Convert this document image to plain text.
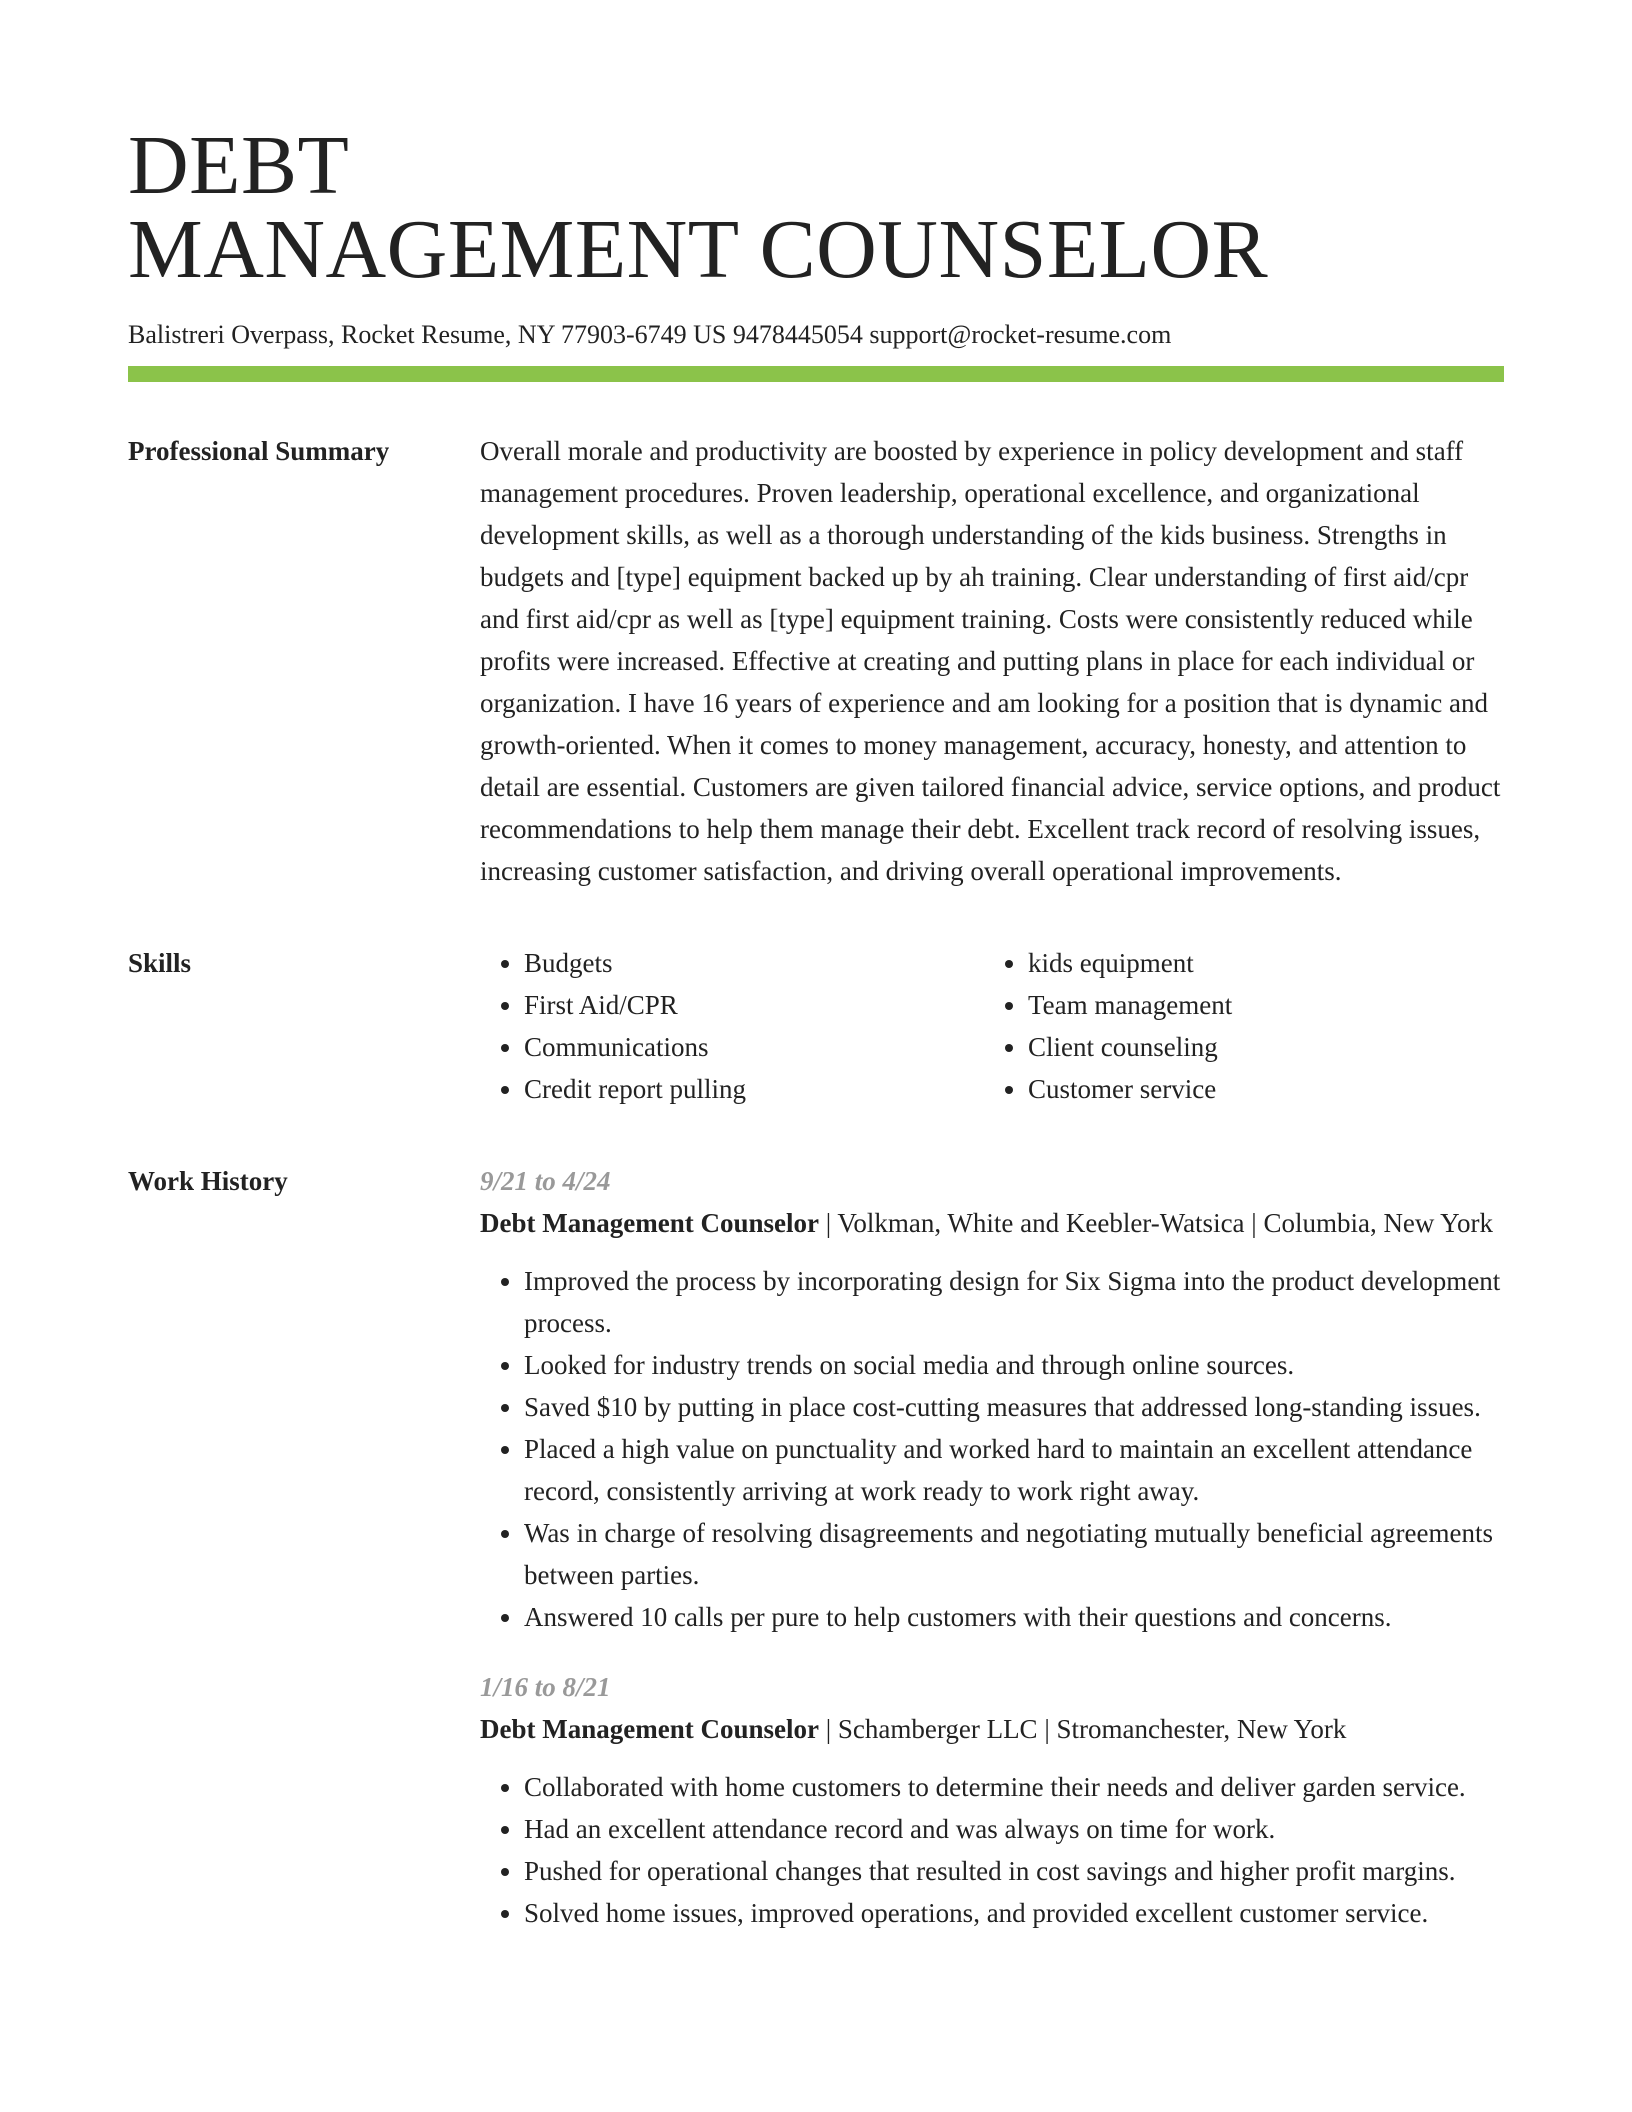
DEBT
MANAGEMENT COUNSELOR
Balistreri Overpass, Rocket Resume, NY 77903-6749 US 9478445054 support@rocket-resume.com
Professional Summary	Overall morale and productivity are boosted by experience in policy development and staff management procedures. Proven leadership, operational excellence, and organizational development skills, as well as a thorough understanding of the kids business. Strengths in budgets and [type] equipment backed up by ah training. Clear understanding of first aid/cpr and first aid/cpr as well as [type] equipment training. Costs were consistently reduced while profits were increased. Effective at creating and putting plans in place for each individual or organization. I have 16 years of experience and am looking for a position that is dynamic and growth-oriented. When it comes to money management, accuracy, honesty, and attention to detail are essential. Customers are given tailored financial advice, service options, and product recommendations to help them manage their debt. Excellent track record of resolving issues, increasing customer satisfaction, and driving overall operational improvements.

Skills
•	Budgets
• First Aid/CPR
• Communications
• Credit report pulling
• kids equipment
• Team management
• Client counseling
• Customer service
Work History	9/21 to 4/24
Debt Management Counselor | Volkman, White and Keebler-Watsica | Columbia, New York
• Improved the process by incorporating design for Six Sigma into the product development process.
• Looked for industry trends on social media and through online sources.
• Saved $10 by putting in place cost-cutting measures that addressed long-standing issues.
• Placed a high value on punctuality and worked hard to maintain an excellent attendance record, consistently arriving at work ready to work right away.
• Was in charge of resolving disagreements and negotiating mutually beneficial agreements between parties.
• Answered 10 calls per pure to help customers with their questions and concerns.
1/16 to 8/21
Debt Management Counselor | Schamberger LLC | Stromanchester, New York
• Collaborated with home customers to determine their needs and deliver garden service.
• Had an excellent attendance record and was always on time for work.
• Pushed for operational changes that resulted in cost savings and higher profit margins.
• Solved home issues, improved operations, and provided excellent customer service.
